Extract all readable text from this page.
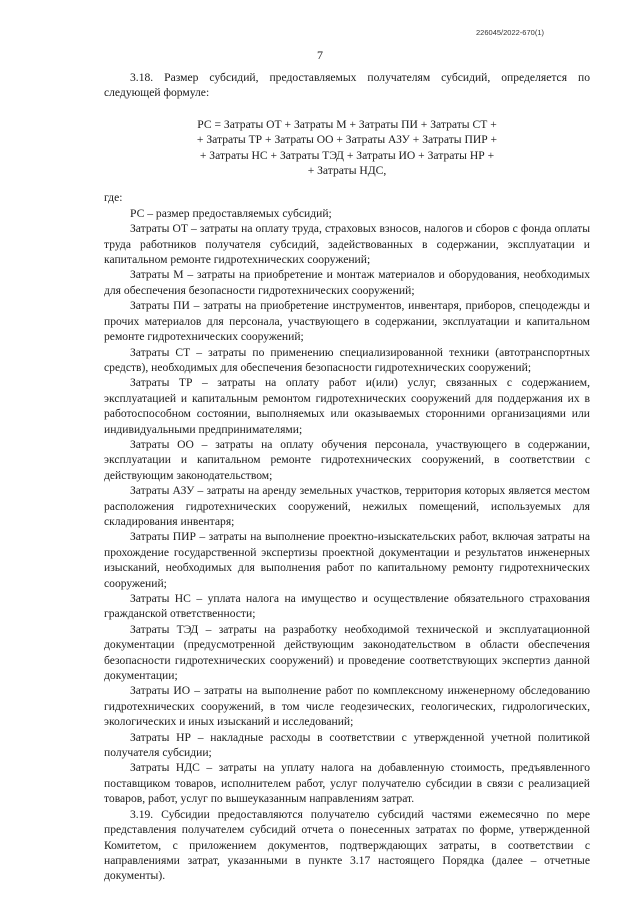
226045/2022-670(1)
7

3.18. Размер субсидий, предоставляемых получателям субсидий, определяется по следующей формуле:

РС = Затраты ОТ + Затраты М + Затраты ПИ + Затраты СТ +
+ Затраты ТР + Затраты ОО + Затраты АЗУ + Затраты ПИР +
+ Затраты НС + Затраты ТЭД + Затраты ИО + Затраты НР +
+ Затраты НДС,

где:

РС – размер предоставляемых субсидий;

Затраты ОТ – затраты на оплату труда, страховых взносов, налогов и сборов с фонда оплаты труда работников получателя субсидий, задействованных в содержании, эксплуатации и капитальном ремонте гидротехнических сооружений;

Затраты М – затраты на приобретение и монтаж материалов и оборудования, необходимых для обеспечения безопасности гидротехнических сооружений;

Затраты ПИ – затраты на приобретение инструментов, инвентаря, приборов, спецодежды и прочих материалов для персонала, участвующего в содержании, эксплуатации и капитальном ремонте гидротехнических сооружений;

Затраты СТ – затраты по применению специализированной техники (автотранспортных средств), необходимых для обеспечения безопасности гидротехнических сооружений;

Затраты ТР – затраты на оплату работ и(или) услуг, связанных с содержанием, эксплуатацией и капитальным ремонтом гидротехнических сооружений для поддержания их в работоспособном состоянии, выполняемых или оказываемых сторонними организациями или индивидуальными предпринимателями;

Затраты ОО – затраты на оплату обучения персонала, участвующего в содержании, эксплуатации и капитальном ремонте гидротехнических сооружений, в соответствии с действующим законодательством;

Затраты АЗУ – затраты на аренду земельных участков, территория которых является местом расположения гидротехнических сооружений, нежилых помещений, используемых для складирования инвентаря;

Затраты ПИР – затраты на выполнение проектно-изыскательских работ, включая затраты на прохождение государственной экспертизы проектной документации и результатов инженерных изысканий, необходимых для выполнения работ по капитальному ремонту гидротехнических сооружений;

Затраты НС – уплата налога на имущество и осуществление обязательного страхования гражданской ответственности;

Затраты ТЭД – затраты на разработку необходимой технической и эксплуатационной документации (предусмотренной действующим законодательством в области обеспечения безопасности гидротехнических сооружений) и проведение соответствующих экспертиз данной документации;

Затраты ИО – затраты на выполнение работ по комплексному инженерному обследованию гидротехнических сооружений, в том числе геодезических, геологических, гидрологических, экологических и иных изысканий и исследований;

Затраты НР – накладные расходы в соответствии с утвержденной учетной политикой получателя субсидии;

Затраты НДС – затраты на уплату налога на добавленную стоимость, предъявленного поставщиком товаров, исполнителем работ, услуг получателю субсидии в связи с реализацией товаров, работ, услуг по вышеуказанным направлениям затрат.

3.19. Субсидии предоставляются получателю субсидий частями ежемесячно по мере представления получателем субсидий отчета о понесенных затратах по форме, утвержденной Комитетом, с приложением документов, подтверждающих затраты, в соответствии с направлениями затрат, указанными в пункте 3.17 настоящего Порядка (далее – отчетные документы).
